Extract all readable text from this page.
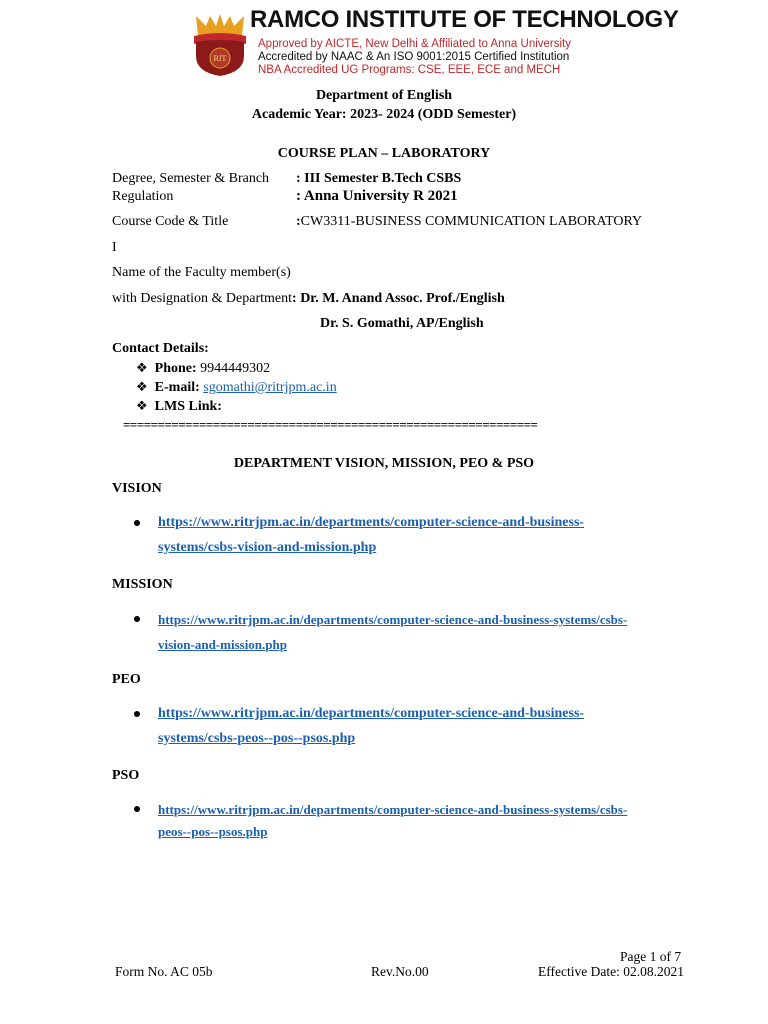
RIT
RAMCO INSTITUTE OF TECHNOLOGY
Approved by AICTE, New Delhi & Affiliated to Anna University
Accredited by NAAC & An ISO 9001:2015 Certified Institution
NBA Accredited UG Programs: CSE, EEE, ECE and MECH
Department of English
Academic Year: 2023- 2024 (ODD Semester)
COURSE PLAN – LABORATORY
Degree, Semester & Branch : III Semester B.Tech CSBS
Regulation	: Anna University R 2021
Course Code & Title	:CW3311-BUSINESS COMMUNICATION LABORATORY
I
Name of the Faculty member(s)
with Designation & Department: Dr. M. Anand Assoc. Prof./English
Dr. S. Gomathi, AP/English
Contact Details:
❖ Phone: 9944449302
❖ E-mail: sgomathi@ritrjpm.ac.in
❖ LMS Link:
============================================================
DEPARTMENT VISION, MISSION, PEO & PSO
VISION
https://www.ritrjpm.ac.in/departments/computer-science-and-business-
systems/csbs-vision-and-mission.php
MISSION
https://www.ritrjpm.ac.in/departments/computer-science-and-business-systems/csbs-
vision-and-mission.php
PEO
https://www.ritrjpm.ac.in/departments/computer-science-and-business-
systems/csbs-peos--pos--psos.php
PSO
https://www.ritrjpm.ac.in/departments/computer-science-and-business-systems/csbs-
peos--pos--psos.php
Page 1 of 7
Form No. AC 05b	Rev.No.00	Effective Date: 02.08.2021
